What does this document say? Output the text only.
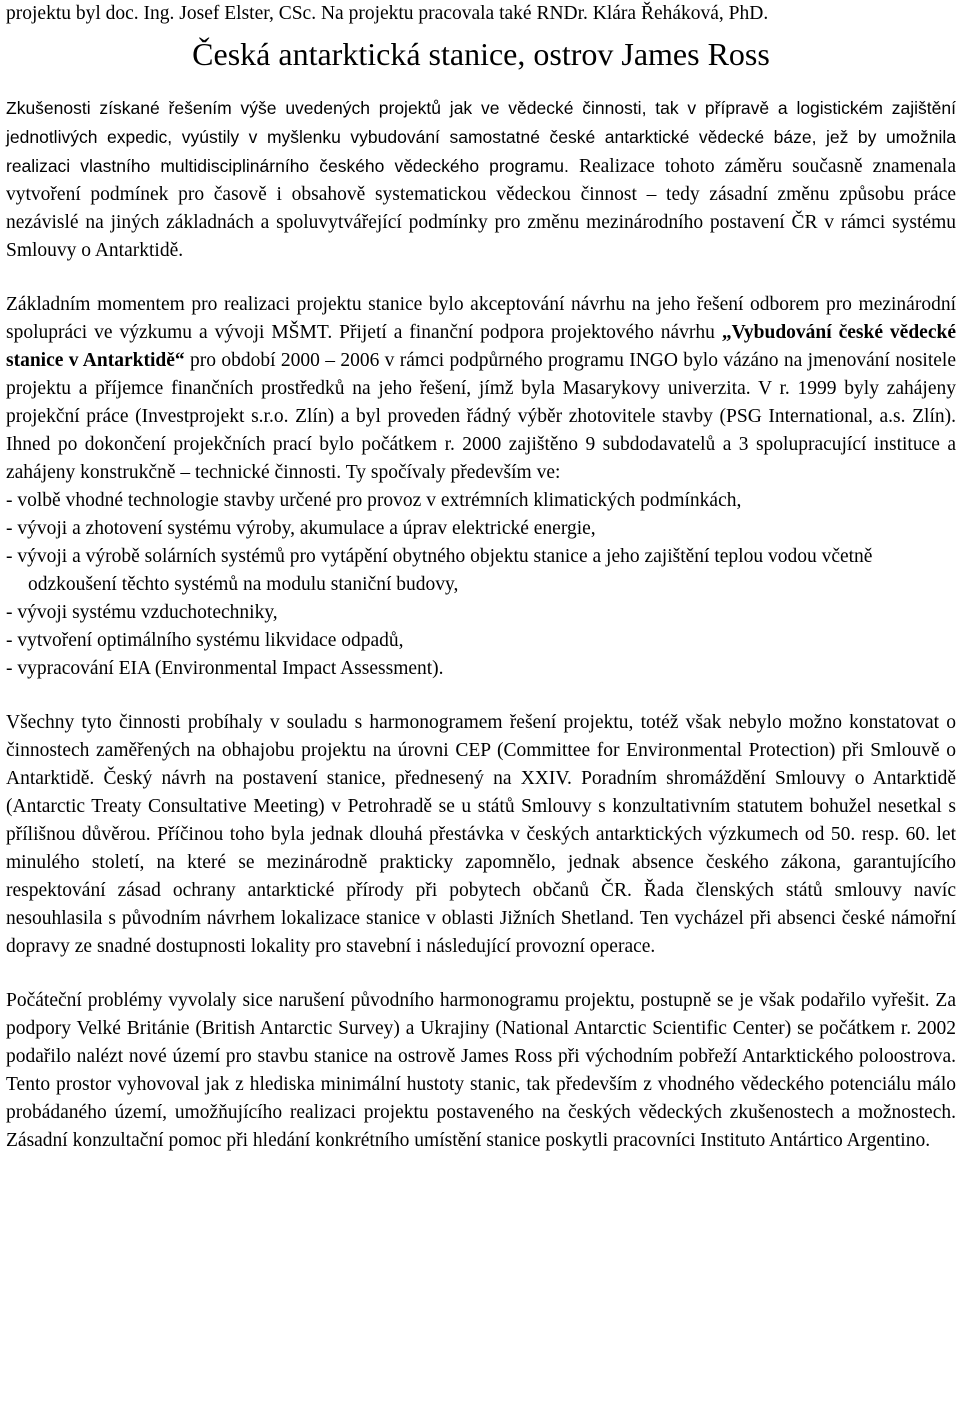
projektu byl doc. Ing. Josef Elster, CSc. Na projektu pracovala také RNDr. Klára Řeháková, PhD.

Česká antarktická stanice, ostrov James Ross

Zkušenosti získané řešením výše uvedených projektů jak ve vědecké činnosti, tak v přípravě a logistickém zajištění jednotlivých expedic, vyústily v myšlenku vybudování samostatné české antarktické vědecké báze, jež by umožnila realizaci vlastního multidisciplinárního českého vědeckého programu. Realizace tohoto záměru současně znamenala vytvoření podmínek pro časově i obsahově systematickou vědeckou činnost – tedy zásadní změnu způsobu práce nezávislé na jiných základnách a spoluvytvářející podmínky pro změnu mezinárodního postavení ČR v rámci systému Smlouvy o Antarktidě.

Základním momentem pro realizaci projektu stanice bylo akceptování návrhu na jeho řešení odborem pro mezinárodní spolupráci ve výzkumu a vývoji MŠMT. Přijetí a finanční podpora projektového návrhu „Vybudování české vědecké stanice v Antarktidě“ pro období 2000 – 2006 v rámci podpůrného programu INGO bylo vázáno na jmenování nositele projektu a příjemce finančních prostředků na jeho řešení, jímž byla Masarykovy univerzita. V r. 1999 byly zahájeny projekční práce (Investprojekt s.r.o. Zlín) a byl proveden řádný výběr zhotovitele stavby (PSG International, a.s. Zlín). Ihned po dokončení projekčních prací bylo počátkem r. 2000 zajištěno 9 subdodavatelů a 3 spolupracující instituce a zahájeny konstrukčně – technické činnosti. Ty spočívaly především ve:

- volbě vhodné technologie stavby určené pro provoz v extrémních klimatických podmínkách,
- vývoji a zhotovení systému výroby, akumulace a úprav elektrické energie,
- vývoji a výrobě solárních systémů pro vytápění obytného objektu stanice a jeho zajištění teplou vodou včetně odzkoušení těchto systémů na modulu staniční budovy,
- vývoji systému vzduchotechniky,
- vytvoření optimálního systému likvidace odpadů,
- vypracování EIA (Environmental Impact Assessment).

Všechny tyto činnosti probíhaly v souladu s harmonogramem řešení projektu, totéž však nebylo možno konstatovat o činnostech zaměřených na obhajobu projektu na úrovni CEP (Committee for Environmental Protection) při Smlouvě o Antarktidě. Český návrh na postavení stanice, přednesený na XXIV. Poradním shromáždění Smlouvy o Antarktidě (Antarctic Treaty Consultative Meeting) v Petrohradě se u států Smlouvy s konzultativním statutem bohužel nesetkal s přílišnou důvěrou. Příčinou toho byla jednak dlouhá přestávka v českých antarktických výzkumech od 50. resp. 60. let minulého století, na které se mezinárodně prakticky zapomnělo, jednak absence českého zákona, garantujícího respektování zásad ochrany antarktické přírody při pobytech občanů ČR. Řada členských států smlouvy navíc nesouhlasila s původním návrhem lokalizace stanice v oblasti Jižních Shetland. Ten vycházel při absenci české námořní dopravy ze snadné dostupnosti lokality pro stavební i následující provozní operace.

Počáteční problémy vyvolaly sice narušení původního harmonogramu projektu, postupně se je však podařilo vyřešit. Za podpory Velké Británie (British Antarctic Survey) a Ukrajiny (National Antarctic Scientific Center) se počátkem r. 2002 podařilo nalézt nové území pro stavbu stanice na ostrově James Ross při východním pobřeží Antarktického poloostrova. Tento prostor vyhovoval jak z hlediska minimální hustoty stanic, tak především z vhodného vědeckého potenciálu málo probádaného území, umožňujícího realizaci projektu postaveného na českých vědeckých zkušenostech a možnostech. Zásadní konzultační pomoc při hledání konkrétního umístění stanice poskytli pracovníci Instituto Antártico Argentino.
